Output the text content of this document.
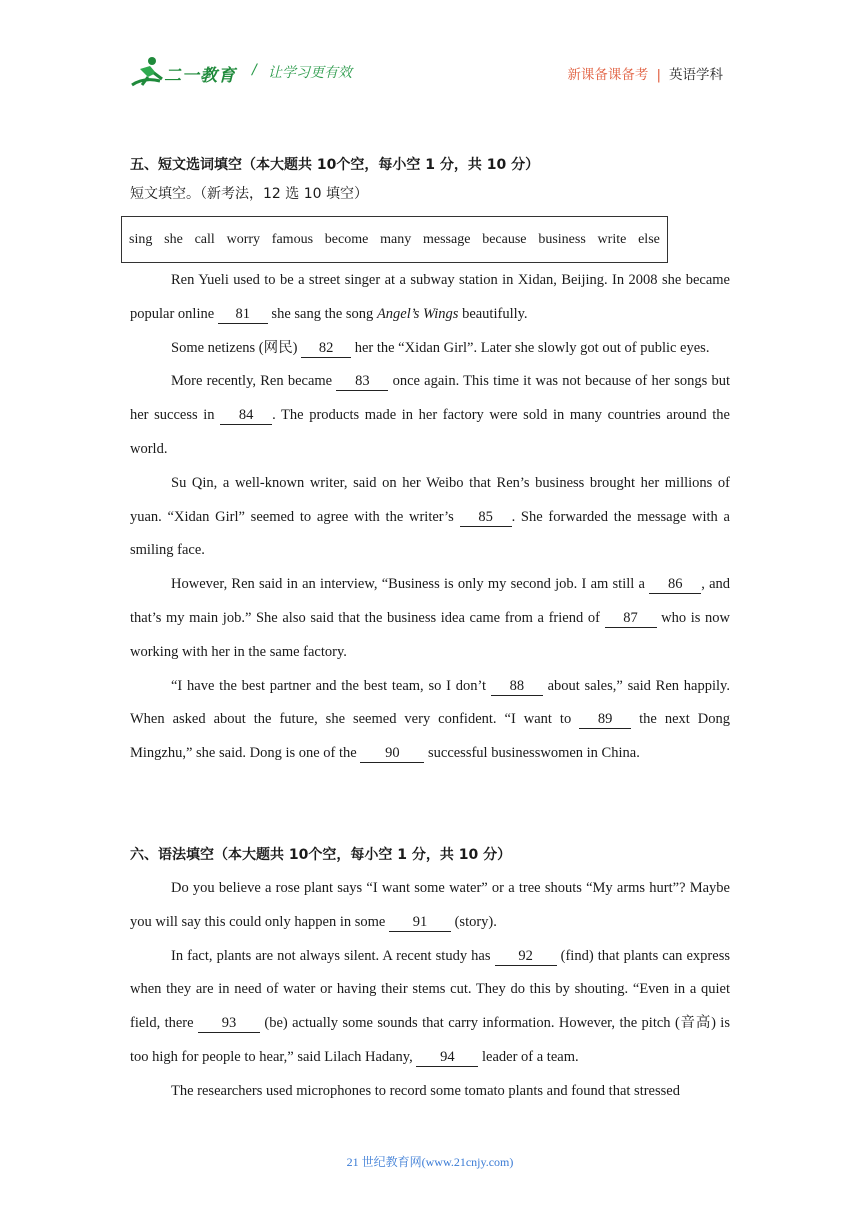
二一教育 / 让学习更有效	新课备课备考 | 英语学科

五、短文选词填空（本大题共 10个空，每小空 1 分，共 10 分）

短文填空。（新考法，12 选 10 填空）

sing she call worry famous become many message because business write else

Ren Yueli used to be a street singer at a subway station in Xidan, Beijing. In 2008 she became popular online 81 she sang the song Angel’s Wings beautifully.

Some netizens (网民) 82 her the “Xidan Girl”. Later she slowly got out of public eyes.

More recently, Ren became 83 once again. This time it was not because of her songs but her success in 84 . The products made in her factory were sold in many countries around the world.

Su Qin, a well-known writer, said on her Weibo that Ren’s business brought her millions of yuan. “Xidan Girl” seemed to agree with the writer’s 85 . She forwarded the message with a smiling face.

However, Ren said in an interview, “Business is only my second job. I am still a 86 , and that’s my main job.” She also said that the business idea came from a friend of 87 who is now working with her in the same factory.

“I have the best partner and the best team, so I don’t 88 about sales,” said Ren happily. When asked about the future, she seemed very confident. “I want to 89 the next Dong Mingzhu,” she said. Dong is one of the 90 successful businesswomen in China.

六、语法填空（本大题共 10个空，每小空 1 分，共 10 分）

Do you believe a rose plant says “I want some water” or a tree shouts “My arms hurt”? Maybe you will say this could only happen in some 91 (story).

In fact, plants are not always silent. A recent study has 92 (find) that plants can express when they are in need of water or having their stems cut. They do this by shouting. “Even in a quiet field, there 93 (be) actually some sounds that carry information. However, the pitch (音高) is too high for people to hear,” said Lilach Hadany, 94 leader of a team.

The researchers used microphones to record some tomato plants and found that stressed

21 世纪教育网(www.21cnjy.com)
